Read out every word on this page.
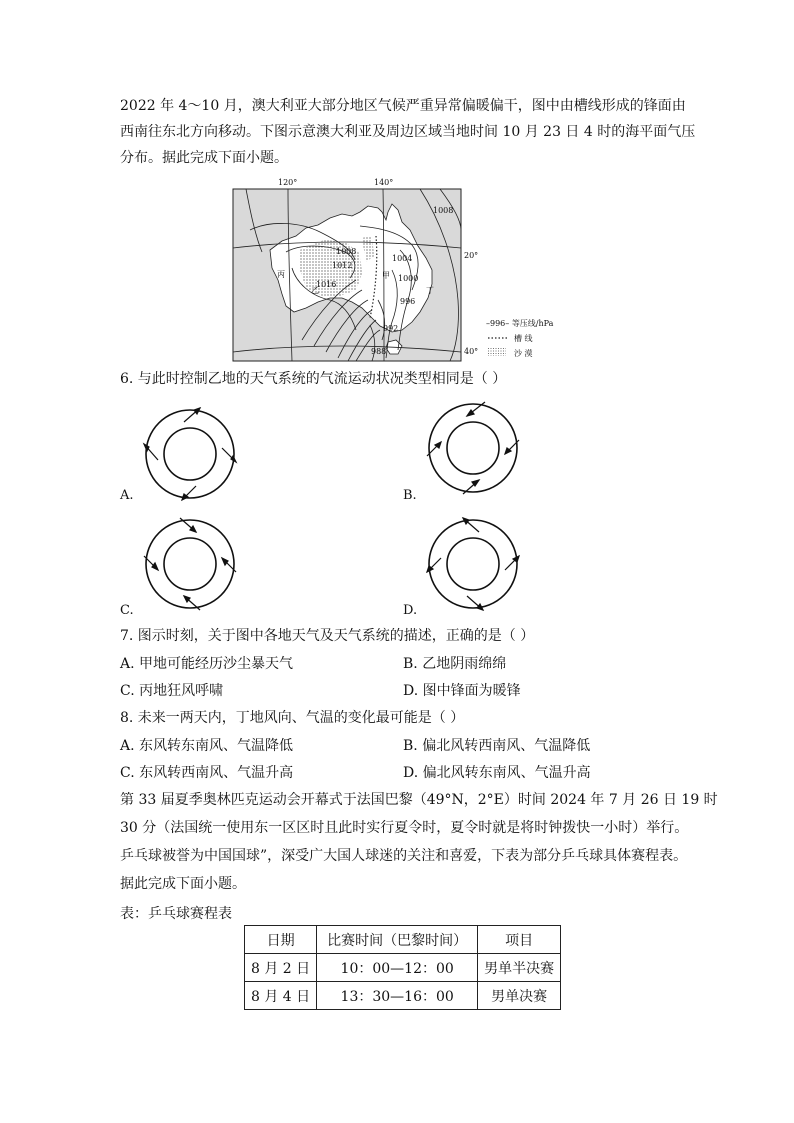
2022 年 4～10 月，澳大利亚大部分地区气候严重异常偏暖偏干，图中由槽线形成的锋面由
西南往东北方向移动。下图示意澳大利亚及周边区域当地时间 10 月 23 日 4 时的海平面气压
分布。据此完成下面小题。
120°	140°
20°
40°
1008
1008
1012
1016
1004
1000
996
992
988
丙	甲
乙	丁
–996– 等压线/hPa
槽 线
沙 漠
6. 与此时控制乙地的天气系统的气流运动状况类型相同是（ ）
A.	B.
C.	D.
7. 图示时刻，关于图中各地天气及天气系统的描述，正确的是（ ）
A. 甲地可能经历沙尘暴天气	B. 乙地阴雨绵绵
C. 丙地狂风呼啸	D. 图中锋面为暖锋
8. 未来一两天内，丁地风向、气温的变化最可能是（ ）
A. 东风转东南风、气温降低	B. 偏北风转西南风、气温降低
C. 东风转西南风、气温升高	D. 偏北风转东南风、气温升高
第 33 届夏季奥林匹克运动会开幕式于法国巴黎（49°N，2°E）时间 2024 年 7 月 26 日 19 时
30 分（法国统一使用东一区区时且此时实行夏令时，夏令时就是将时钟拨快一小时）举行。
乒乓球被誉为中国国球”，深受广大国人球迷的关注和喜爱，下表为部分乒乓球具体赛程表。
据此完成下面小题。
表：乒乓球赛程表
日期	比赛时间（巴黎时间）	项目
8 月 2 日	10：00—12：00	男单半决赛
8 月 4 日	13：30—16：00	男单决赛
